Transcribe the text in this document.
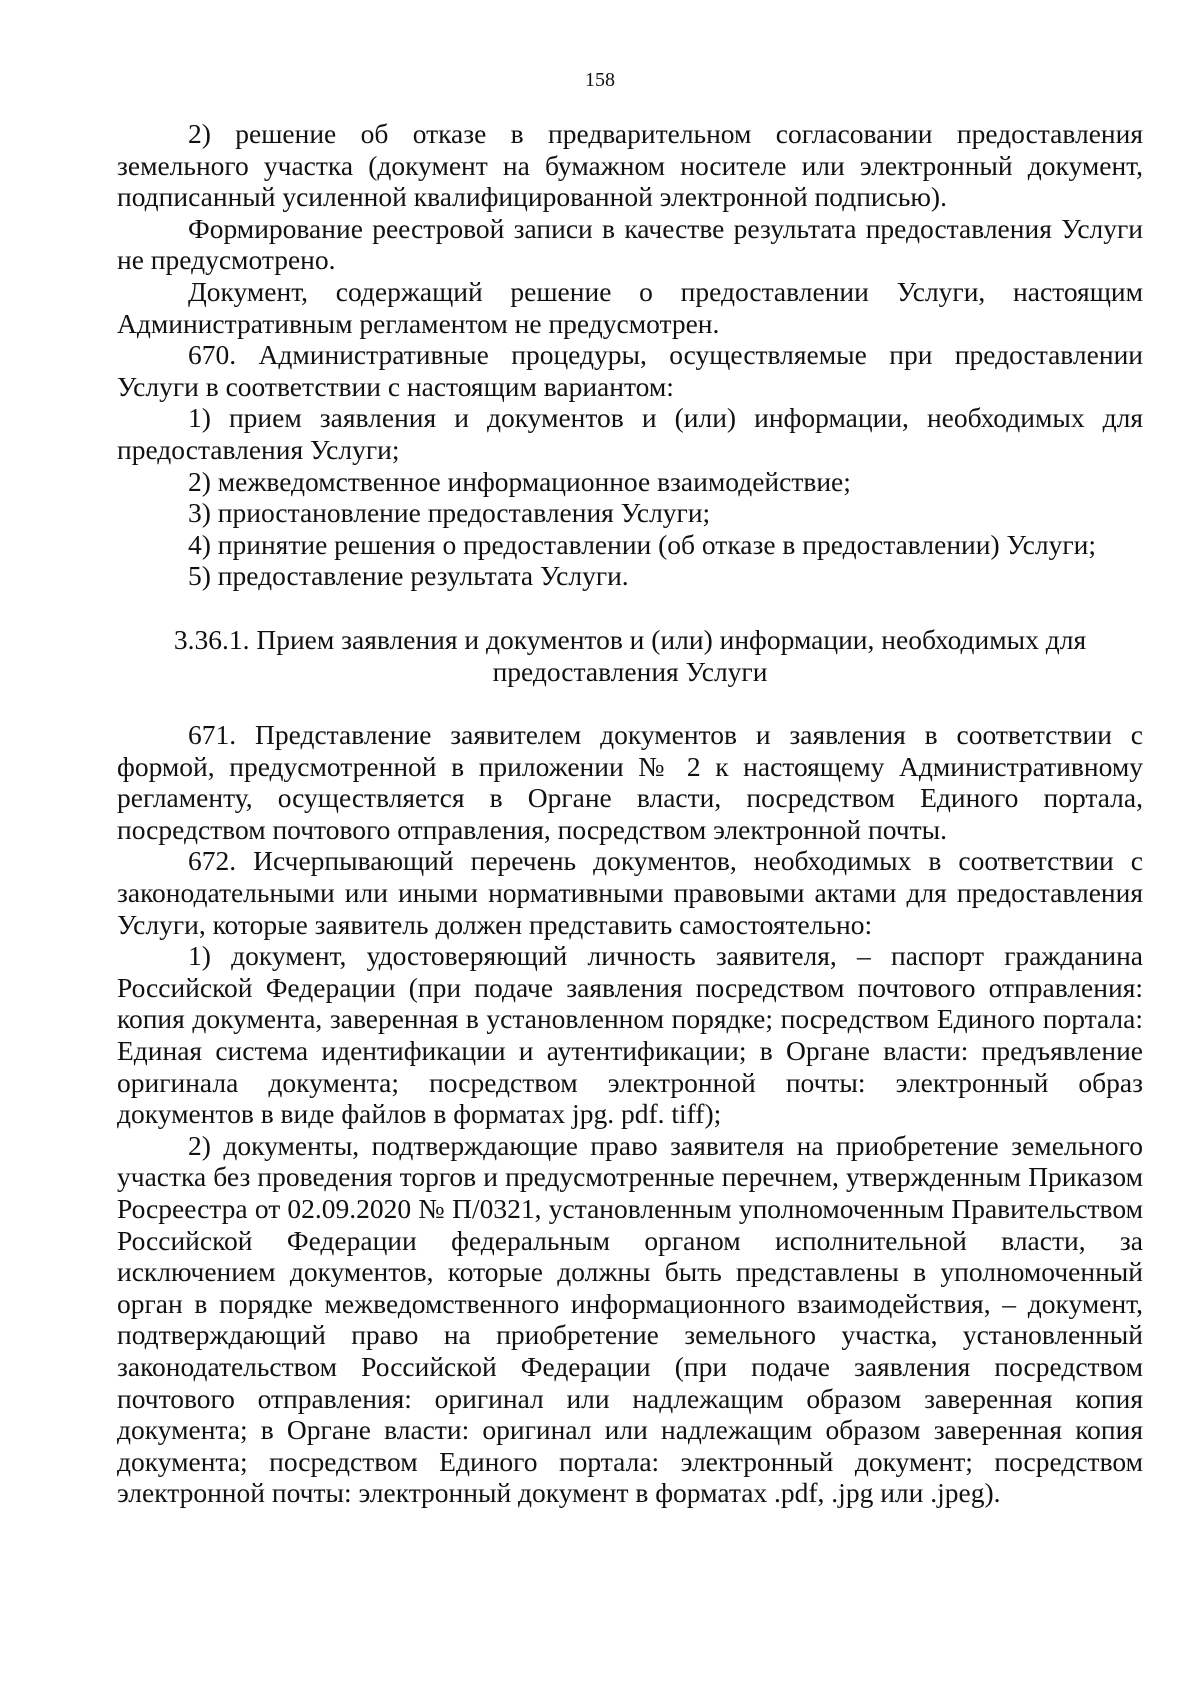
158

2) решение об отказе в предварительном согласовании предоставления земельного участка (документ на бумажном носителе или электронный документ, подписанный усиленной квалифицированной электронной подписью).

Формирование реестровой записи в качестве результата предоставления Услуги не предусмотрено.

Документ, содержащий решение о предоставлении Услуги, настоящим Административным регламентом не предусмотрен.

670. Административные процедуры, осуществляемые при предоставлении Услуги в соответствии с настоящим вариантом:

1) прием заявления и документов и (или) информации, необходимых для предоставления Услуги;

2) межведомственное информационное взаимодействие;

3) приостановление предоставления Услуги;

4) принятие решения о предоставлении (об отказе в предоставлении) Услуги;

5) предоставление результата Услуги.

3.36.1. Прием заявления и документов и (или) информации, необходимых для предоставления Услуги

671. Представление заявителем документов и заявления в соответствии с формой, предусмотренной в приложении № 2 к настоящему Административному регламенту, осуществляется в Органе власти, посредством Единого портала, посредством почтового отправления, посредством электронной почты.

672. Исчерпывающий перечень документов, необходимых в соответствии с законодательными или иными нормативными правовыми актами для предоставления Услуги, которые заявитель должен представить самостоятельно:

1) документ, удостоверяющий личность заявителя, – паспорт гражданина Российской Федерации (при подаче заявления посредством почтового отправления: копия документа, заверенная в установленном порядке; посредством Единого портала: Единая система идентификации и аутентификации; в Органе власти: предъявление оригинала документа; посредством электронной почты: электронный образ документов в виде файлов в форматах jpg. pdf. tiff);

2) документы, подтверждающие право заявителя на приобретение земельного участка без проведения торгов и предусмотренные перечнем, утвержденным Приказом Росреестра от 02.09.2020 № П/0321, установленным уполномоченным Правительством Российской Федерации федеральным органом исполнительной власти, за исключением документов, которые должны быть представлены в уполномоченный орган в порядке межведомственного информационного взаимодействия, – документ, подтверждающий право на приобретение земельного участка, установленный законодательством Российской Федерации (при подаче заявления посредством почтового отправления: оригинал или надлежащим образом заверенная копия документа; в Органе власти: оригинал или надлежащим образом заверенная копия документа; посредством Единого портала: электронный документ; посредством электронной почты: электронный документ в форматах .pdf, .jpg или .jpeg).
